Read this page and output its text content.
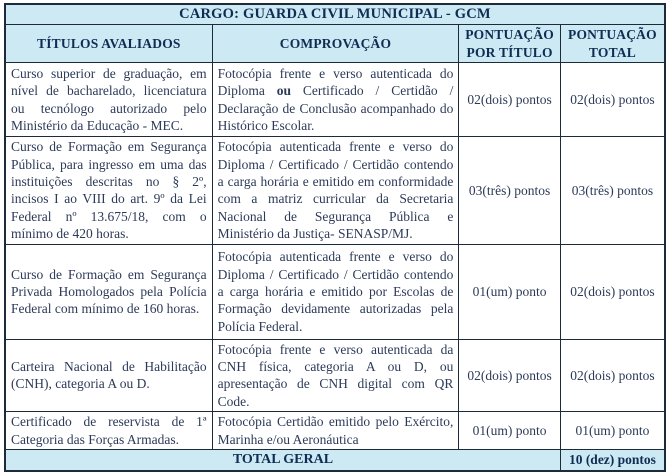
CARGO: GUARDA CIVIL MUNICIPAL - GCM			
TÍTULOS AVALIADOS	COMPROVAÇÃO	PONTUAÇÃO POR TÍTULO	PONTUAÇÃO TOTAL
Curso superior de graduação, em nível de bacharelado, licenciatura ou tecnólogo autorizado pelo Ministério da Educação - MEC.	Fotocópia frente e verso autenticada do Diploma ou Certificado / Certidão / Declaração de Conclusão acompanhado do Histórico Escolar.	02(dois) pontos	02(dois) pontos
Curso de Formação em Segurança Pública, para ingresso em uma das instituições descritas no § 2º, incisos I ao VIII do art. 9º da Lei Federal nº 13.675/18, com o mínimo de 420 horas.	Fotocópia autenticada frente e verso do Diploma / Certificado / Certidão contendo a carga horária e emitido em conformidade com a matriz curricular da Secretaria Nacional de Segurança Pública e Ministério da Justiça- SENASP/MJ.	03(três) pontos	03(três) pontos
Curso de Formação em Segurança Privada Homologados pela Polícia Federal com mínimo de 160 horas.	Fotocópia autenticada frente e verso do Diploma / Certificado / Certidão contendo a carga horária e emitido por Escolas de Formação devidamente autorizadas pela Polícia Federal.	01(um) ponto	02(dois) pontos
Carteira Nacional de Habilitação (CNH), categoria A ou D.	Fotocópia frente e verso autenticada da CNH física, categoria A ou D, ou apresentação de CNH digital com QR Code.	02(dois) pontos	02(dois) pontos
Certificado de reservista de 1ª Categoria das Forças Armadas.	Fotocópia Certidão emitido pelo Exército, Marinha e/ou Aeronáutica	01(um) ponto	01(um) ponto
TOTAL GERAL			10 (dez) pontos
